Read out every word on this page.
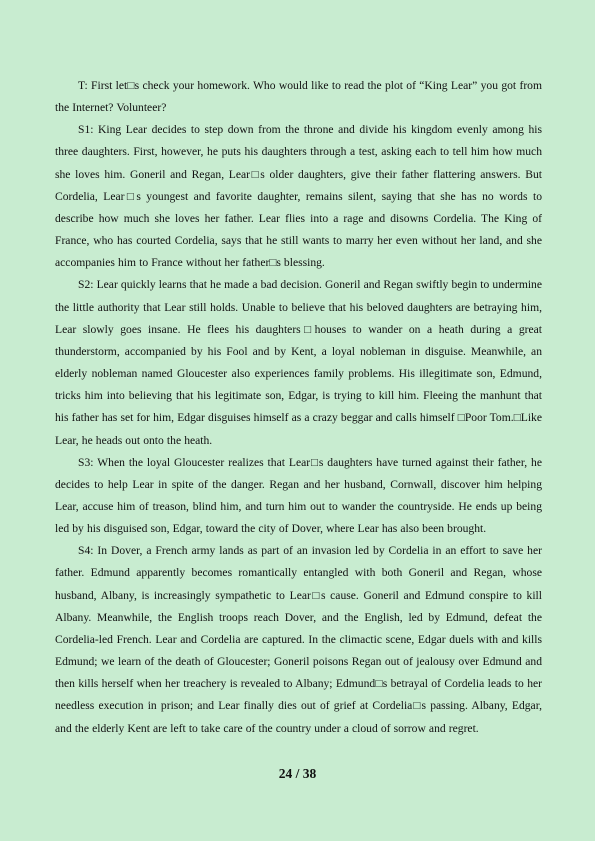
T: First let□s check your homework. Who would like to read the plot of “King Lear” you got from the Internet? Volunteer?

S1: King Lear decides to step down from the throne and divide his kingdom evenly among his three daughters. First, however, he puts his daughters through a test, asking each to tell him how much she loves him. Goneril and Regan, Lear□s older daughters, give their father flattering answers. But Cordelia, Lear□s youngest and favorite daughter, remains silent, saying that she has no words to describe how much she loves her father. Lear flies into a rage and disowns Cordelia. The King of France, who has courted Cordelia, says that he still wants to marry her even without her land, and she accompanies him to France without her father□s blessing.

S2: Lear quickly learns that he made a bad decision. Goneril and Regan swiftly begin to undermine the little authority that Lear still holds. Unable to believe that his beloved daughters are betraying him, Lear slowly goes insane. He flees his daughters□houses to wander on a heath during a great thunderstorm, accompanied by his Fool and by Kent, a loyal nobleman in disguise. Meanwhile, an elderly nobleman named Gloucester also experiences family problems. His illegitimate son, Edmund, tricks him into believing that his legitimate son, Edgar, is trying to kill him. Fleeing the manhunt that his father has set for him, Edgar disguises himself as a crazy beggar and calls himself □Poor Tom.□Like Lear, he heads out onto the heath.

S3: When the loyal Gloucester realizes that Lear□s daughters have turned against their father, he decides to help Lear in spite of the danger. Regan and her husband, Cornwall, discover him helping Lear, accuse him of treason, blind him, and turn him out to wander the countryside. He ends up being led by his disguised son, Edgar, toward the city of Dover, where Lear has also been brought.

S4: In Dover, a French army lands as part of an invasion led by Cordelia in an effort to save her father. Edmund apparently becomes romantically entangled with both Goneril and Regan, whose husband, Albany, is increasingly sympathetic to Lear□s cause. Goneril and Edmund conspire to kill Albany. Meanwhile, the English troops reach Dover, and the English, led by Edmund, defeat the Cordelia-led French. Lear and Cordelia are captured. In the climactic scene, Edgar duels with and kills Edmund; we learn of the death of Gloucester; Goneril poisons Regan out of jealousy over Edmund and then kills herself when her treachery is revealed to Albany; Edmund□s betrayal of Cordelia leads to her needless execution in prison; and Lear finally dies out of grief at Cordelia□s passing. Albany, Edgar, and the elderly Kent are left to take care of the country under a cloud of sorrow and regret.

24 / 38
